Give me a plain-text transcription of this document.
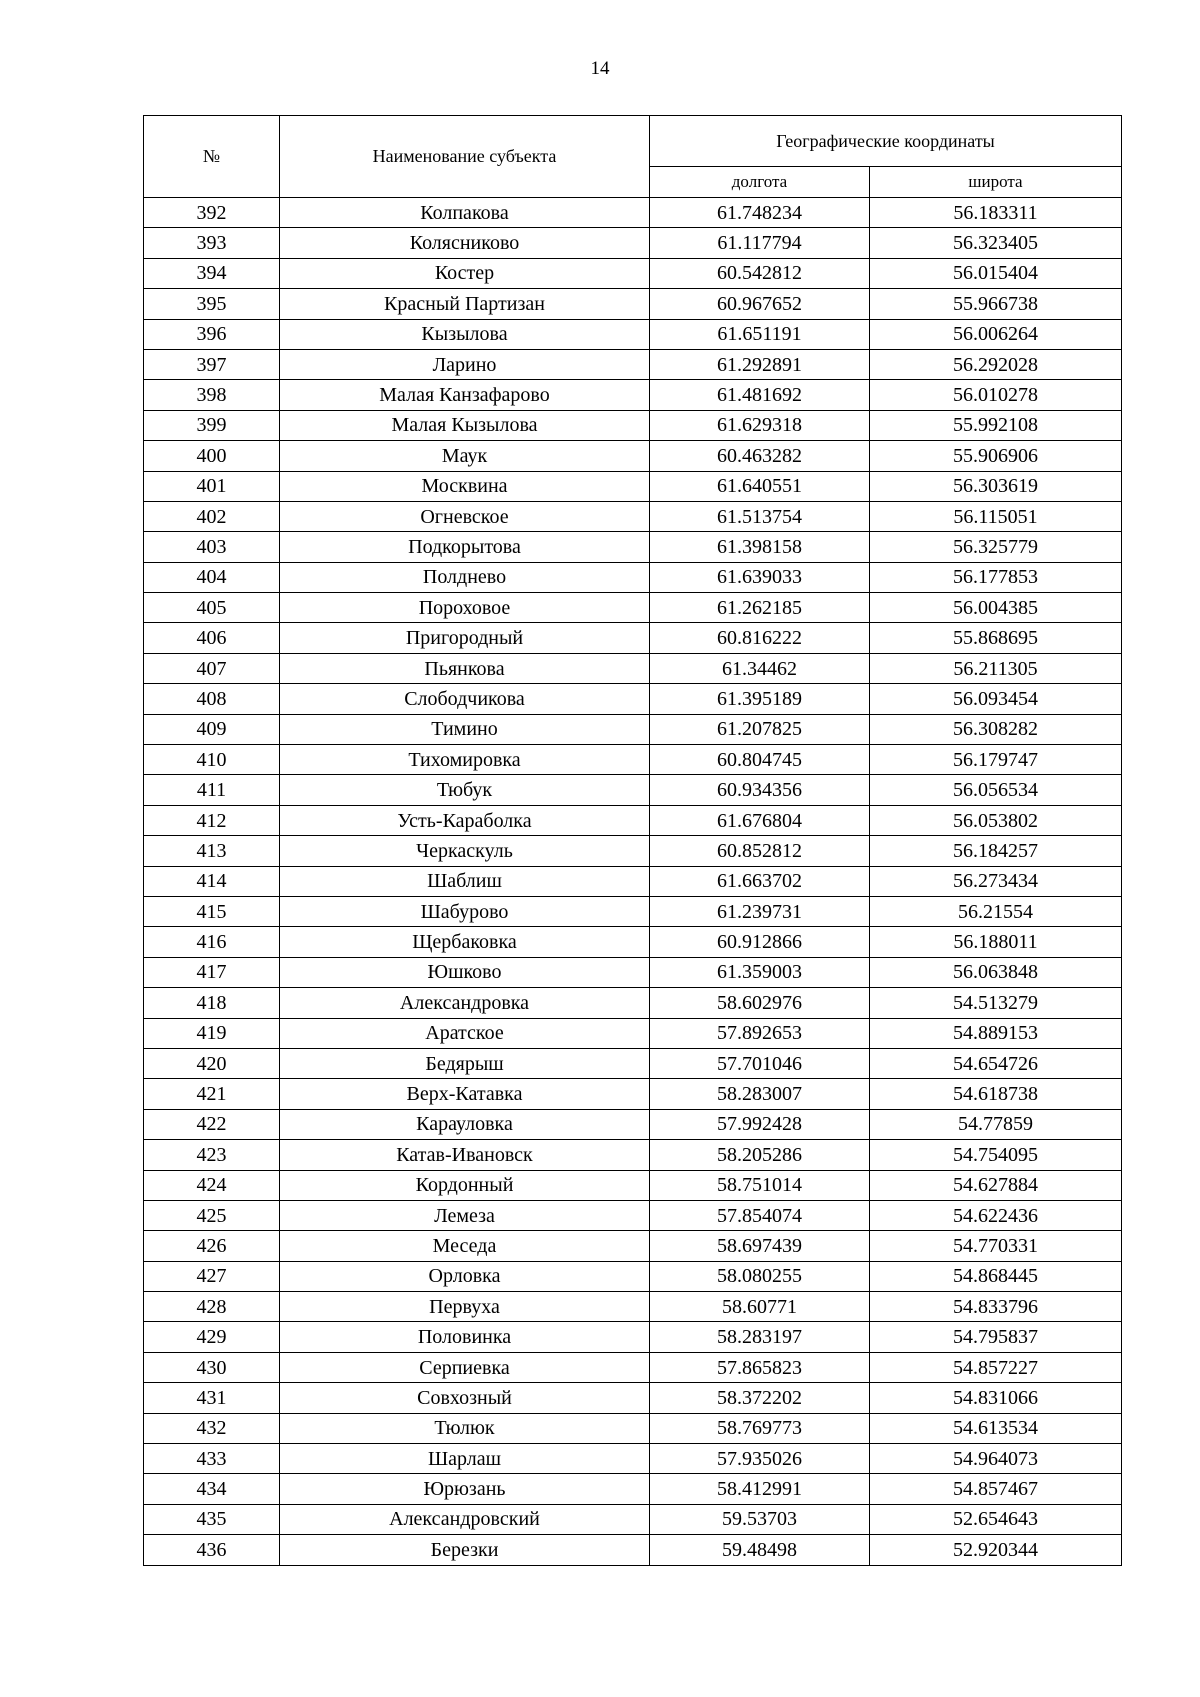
14
№	Наименование субъекта	Географические координаты	
		долгота	широта
392	Колпакова	61.748234	56.183311
393	Колясниково	61.117794	56.323405
394	Костер	60.542812	56.015404
395	Красный Партизан	60.967652	55.966738
396	Кызылова	61.651191	56.006264
397	Ларино	61.292891	56.292028
398	Малая Канзафарово	61.481692	56.010278
399	Малая Кызылова	61.629318	55.992108
400	Маук	60.463282	55.906906
401	Москвина	61.640551	56.303619
402	Огневское	61.513754	56.115051
403	Подкорытова	61.398158	56.325779
404	Полднево	61.639033	56.177853
405	Пороховое	61.262185	56.004385
406	Пригородный	60.816222	55.868695
407	Пьянкова	61.34462	56.211305
408	Слободчикова	61.395189	56.093454
409	Тимино	61.207825	56.308282
410	Тихомировка	60.804745	56.179747
411	Тюбук	60.934356	56.056534
412	Усть-Караболка	61.676804	56.053802
413	Черкаскуль	60.852812	56.184257
414	Шаблиш	61.663702	56.273434
415	Шабурово	61.239731	56.21554
416	Щербаковка	60.912866	56.188011
417	Юшково	61.359003	56.063848
418	Александровка	58.602976	54.513279
419	Аратское	57.892653	54.889153
420	Бедярыш	57.701046	54.654726
421	Верх-Катавка	58.283007	54.618738
422	Карауловка	57.992428	54.77859
423	Катав-Ивановск	58.205286	54.754095
424	Кордонный	58.751014	54.627884
425	Лемеза	57.854074	54.622436
426	Меседа	58.697439	54.770331
427	Орловка	58.080255	54.868445
428	Первуха	58.60771	54.833796
429	Половинка	58.283197	54.795837
430	Серпиевка	57.865823	54.857227
431	Совхозный	58.372202	54.831066
432	Тюлюк	58.769773	54.613534
433	Шарлаш	57.935026	54.964073
434	Юрюзань	58.412991	54.857467
435	Александровский	59.53703	52.654643
436	Березки	59.48498	52.920344
